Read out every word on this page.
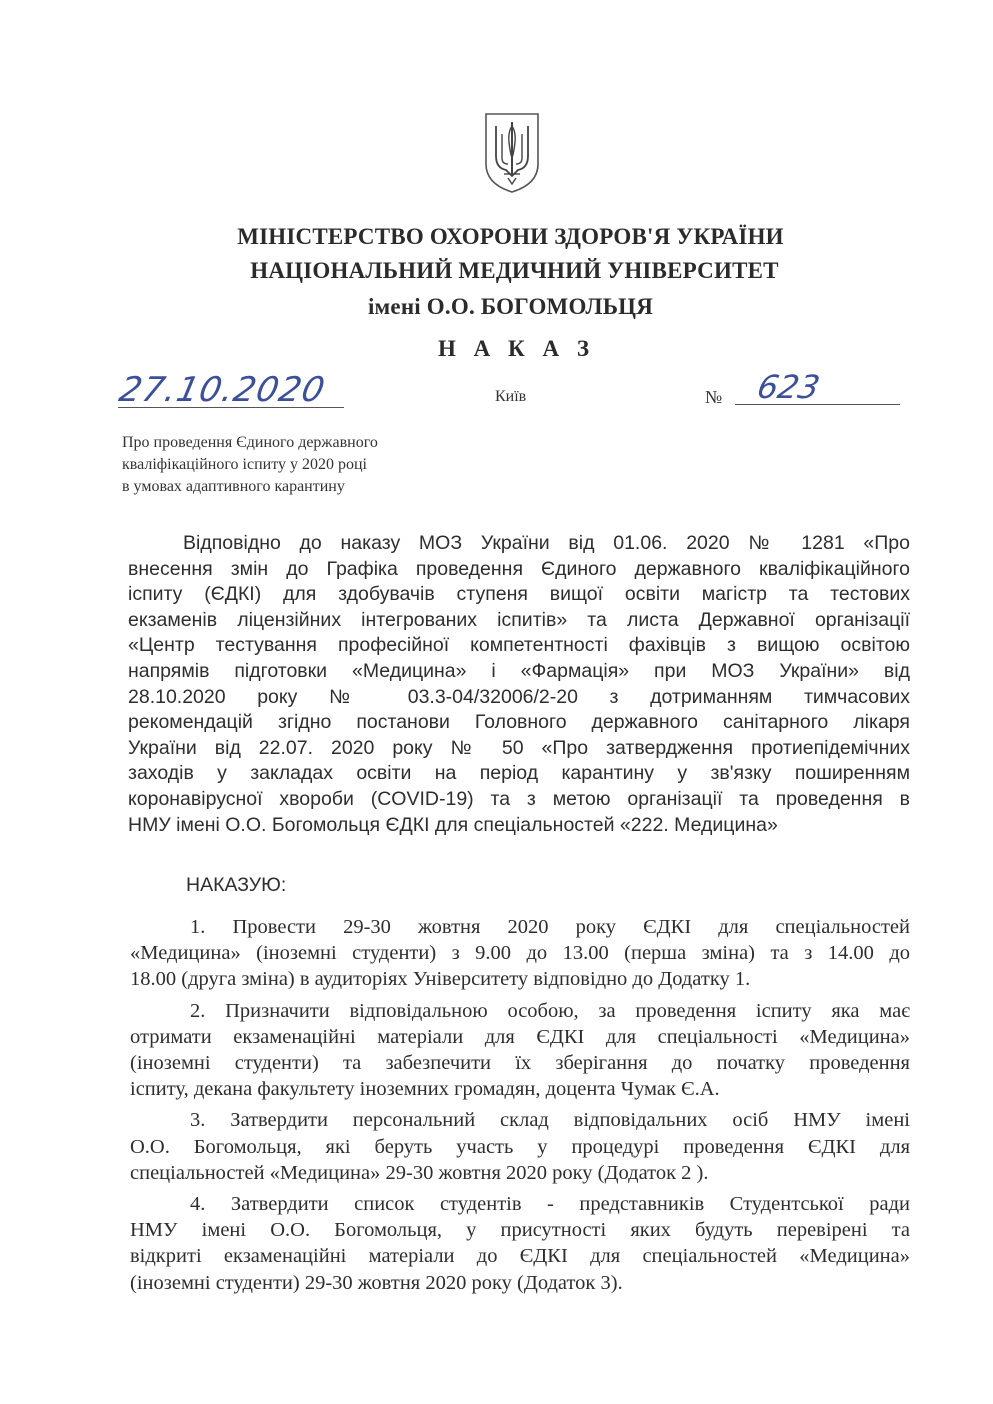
МІНІСТЕРСТВО ОХОРОНИ ЗДОРОВ'Я УКРАЇНИ
НАЦІОНАЛЬНИЙ МЕДИЧНИЙ УНІВЕРСИТЕТ
імені О.О. БОГОМОЛЬЦЯ
Н А К А З
27.10.2020	Київ	№ 623
Про проведення Єдиного державного
кваліфікаційного іспиту у 2020 році
в умовах адаптивного карантину
Відповідно до наказу МОЗ України від 01.06. 2020 № 1281 «Про
внесення змін до Графіка проведення Єдиного державного кваліфікаційного
іспиту (ЄДКІ) для здобувачів ступеня вищої освіти магістр та тестових
екзаменів ліцензійних інтегрованих іспитів» та листа Державної організації
«Центр тестування професійної компетентності фахівців з вищою освітою
напрямів підготовки «Медицина» і «Фармація» при МОЗ України» від
28.10.2020 року № 03.3-04/32006/2-20 з дотриманням тимчасових
рекомендацій згідно постанови Головного державного санітарного лікаря
України від 22.07. 2020 року № 50 «Про затвердження протиепідемічних
заходів у закладах освіти на період карантину у зв'язку поширенням
коронавірусної хвороби (COVID-19) та з метою організації та проведення в
НМУ імені О.О. Богомольця ЄДКІ для спеціальностей «222. Медицина»
НАКАЗУЮ:
1. Провести 29-30 жовтня 2020 року ЄДКІ для спеціальностей
«Медицина» (іноземні студенти) з 9.00 до 13.00 (перша зміна) та з 14.00 до
18.00 (друга зміна) в аудиторіях Університету відповідно до Додатку 1.
2. Призначити відповідальною особою, за проведення іспиту яка має
отримати екзаменаційні матеріали для ЄДКІ для спеціальності «Медицина»
(іноземні студенти) та забезпечити їх зберігання до початку проведення
іспиту, декана факультету іноземних громадян, доцента Чумак Є.А.
3. Затвердити персональний склад відповідальних осіб НМУ імені
О.О. Богомольця, які беруть участь у процедурі проведення ЄДКІ для
спеціальностей «Медицина» 29-30 жовтня 2020 року (Додаток 2 ).
4. Затвердити список студентів - представників Студентської ради
НМУ імені О.О. Богомольця, у присутності яких будуть перевірені та
відкриті екзаменаційні матеріали до ЄДКІ для спеціальностей «Медицина»
(іноземні студенти) 29-30 жовтня 2020 року (Додаток 3).
